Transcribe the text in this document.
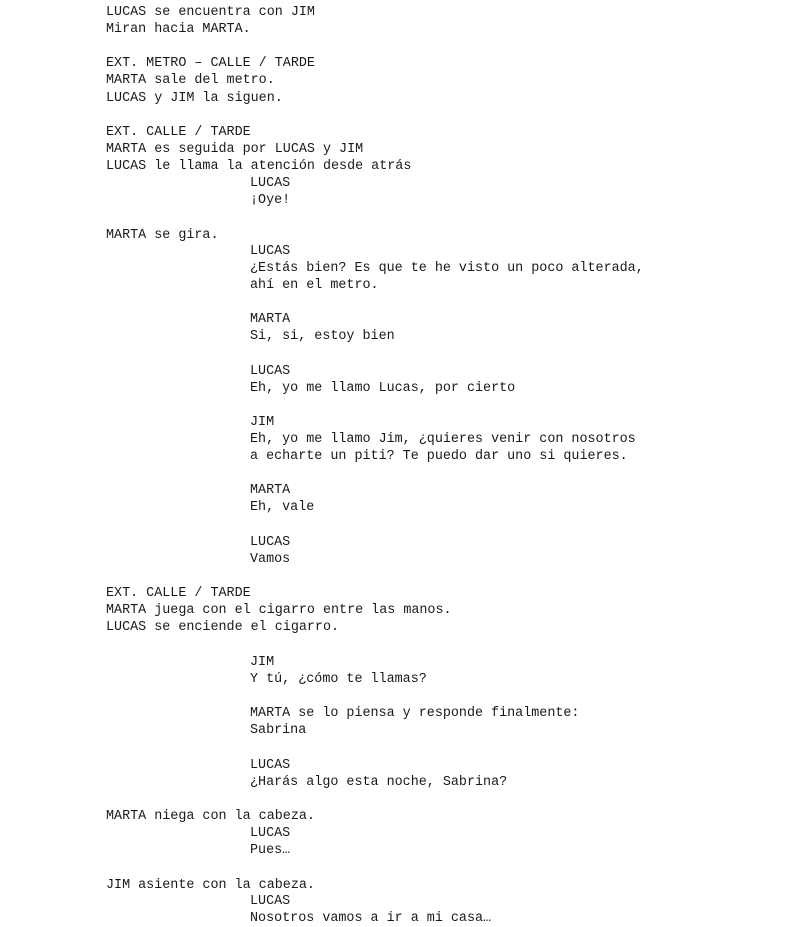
LUCAS se encuentra con JIM
Miran hacia MARTA.
EXT. METRO – CALLE / TARDE
MARTA sale del metro.
LUCAS y JIM la siguen.
EXT. CALLE / TARDE
MARTA es seguida por LUCAS y JIM
LUCAS le llama la atención desde atrás
LUCAS
¡Oye!
MARTA se gira.
LUCAS
¿Estás bien? Es que te he visto un poco alterada,
ahí en el metro.
MARTA
Si, si, estoy bien
LUCAS
Eh, yo me llamo Lucas, por cierto
JIM
Eh, yo me llamo Jim, ¿quieres venir con nosotros
a echarte un piti? Te puedo dar uno si quieres.
MARTA
Eh, vale
LUCAS
Vamos
EXT. CALLE / TARDE
MARTA juega con el cigarro entre las manos.
LUCAS se enciende el cigarro.
JIM
Y tú, ¿cómo te llamas?
MARTA se lo piensa y responde finalmente:
Sabrina
LUCAS
¿Harás algo esta noche, Sabrina?
MARTA niega con la cabeza.
LUCAS
Pues…
JIM asiente con la cabeza.
LUCAS
Nosotros vamos a ir a mi casa…
